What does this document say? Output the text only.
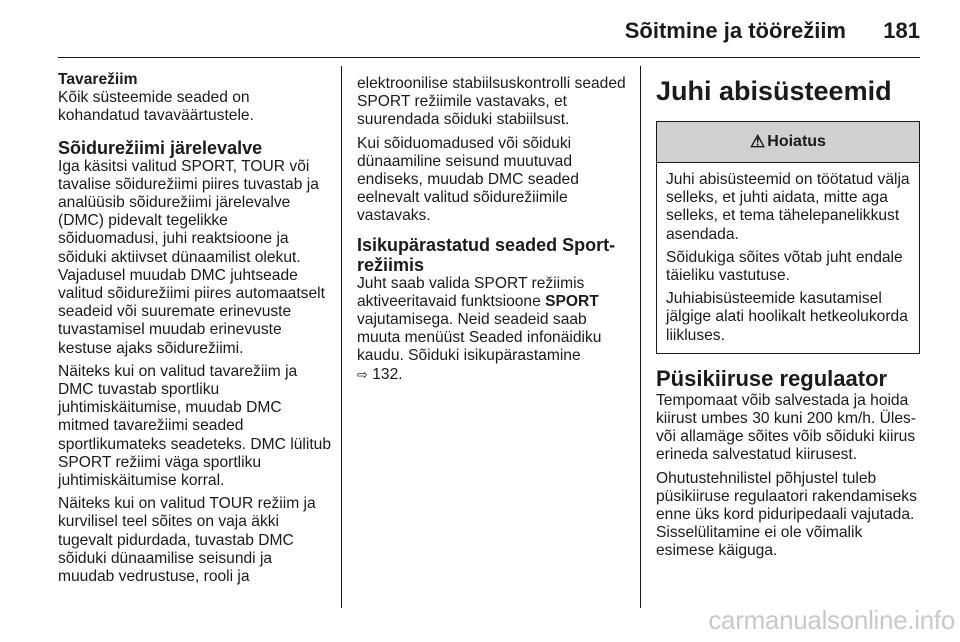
Sõitmine ja töörežiim 181

Tavarežiim

Kõik süsteemide seaded on kohandatud tavaväärtustele.

Sõidurežiimi järelevalve

Iga käsitsi valitud SPORT, TOUR või tavalise sõidurežiimi piires tuvastab ja analüüsib sõidurežiimi järelevalve (DMC) pidevalt tegelikke sõiduomadusi, juhi reaktsioone ja sõiduki aktiivset dünaamilist olekut. Vajadusel muudab DMC juhtseade valitud sõidurežiimi piires automaatselt seadeid või suuremate erinevuste tuvastamisel muudab erinevuste kestuse ajaks sõidurežiimi.

Näiteks kui on valitud tavarežiim ja DMC tuvastab sportliku juhtimiskäitumise, muudab DMC mitmed tavarežiimi seaded sportlikumateks seadeteks. DMC lülitub SPORT režiimi väga sportliku juhtimiskäitumise korral.

Näiteks kui on valitud TOUR režiim ja kurvilisel teel sõites on vaja äkki tugevalt pidurdada, tuvastab DMC sõiduki dünaamilise seisundi ja muudab vedrustuse, rooli ja

elektroonilise stabiilsuskontrolli seaded SPORT režiimile vastavaks, et suurendada sõiduki stabiilsust.

Kui sõiduomadused või sõiduki dünaamiline seisund muutuvad endiseks, muudab DMC seaded eelnevalt valitud sõidurežiimile vastavaks.

Isikupärastatud seaded Sport-režiimis

Juht saab valida SPORT režiimis aktiveeritavaid funktsioone SPORT vajutamisega. Neid seadeid saab muuta menüüst Seaded infonäidiku kaudu. Sõiduki isikupärastamine
⇨ 132.

Juhi abisüsteemid
⚠ Hoiatus

Juhi abisüsteemid on töötatud välja selleks, et juhti aidata, mitte aga selleks, et tema tähelepanelikkust asendada.

Sõidukiga sõites võtab juht endale täieliku vastutuse.

Juhiabisüsteemide kasutamisel jälgige alati hoolikalt hetkeolukorda liikluses.

Püsikiiruse regulaator

Tempomaat võib salvestada ja hoida kiirust umbes 30 kuni 200 km/h. Üles- või allamäge sõites võib sõiduki kiirus erineda salvestatud kiirusest.

Ohutustehnilistel põhjustel tuleb püsikiiruse regulaatori rakendamiseks enne üks kord piduripedaali vajutada.

Sisselülitamine ei ole võimalik esimese käiguga.

carmanualsonline.info
